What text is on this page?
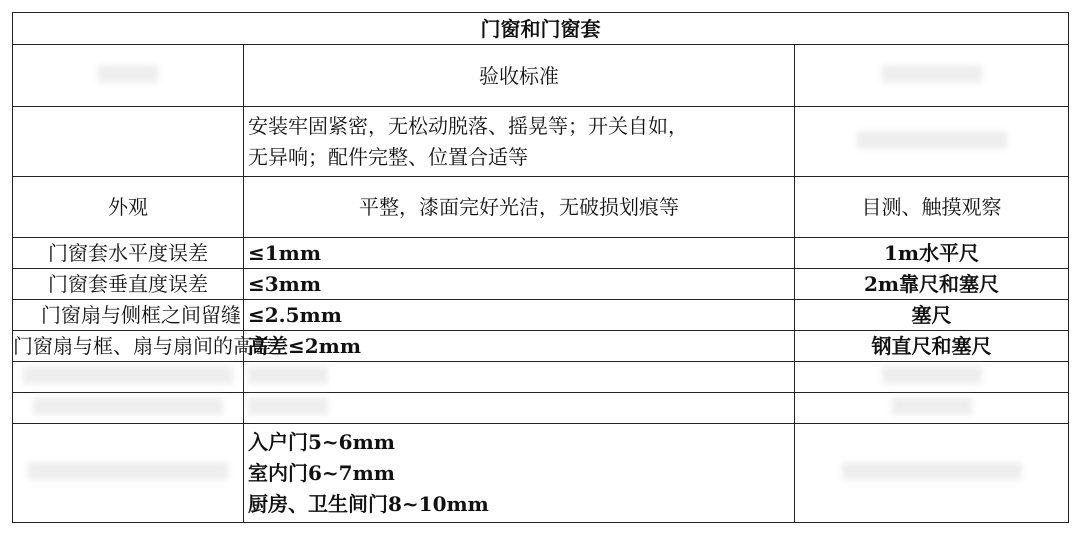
门窗和门窗套		
	验收标准	

	安装牢固紧密，无松动脱落、摇晃等；开关自如，
无异响；配件完整、位置合适等	

外观	平整，漆面完好光洁，无破损划痕等	目测、触摸观察
门窗套水平度误差	≤1mm	1m水平尺
门窗套垂直度误差	≤3mm	2m靠尺和塞尺
门窗扇与侧框之间留缝	≤2.5mm	塞尺
门窗扇与框、扇与扇间的高差	高差≤2mm	钢直尺和塞尺

	入户门5~6mm
室内门6~7mm
厨房、卫生间门8~10mm	
